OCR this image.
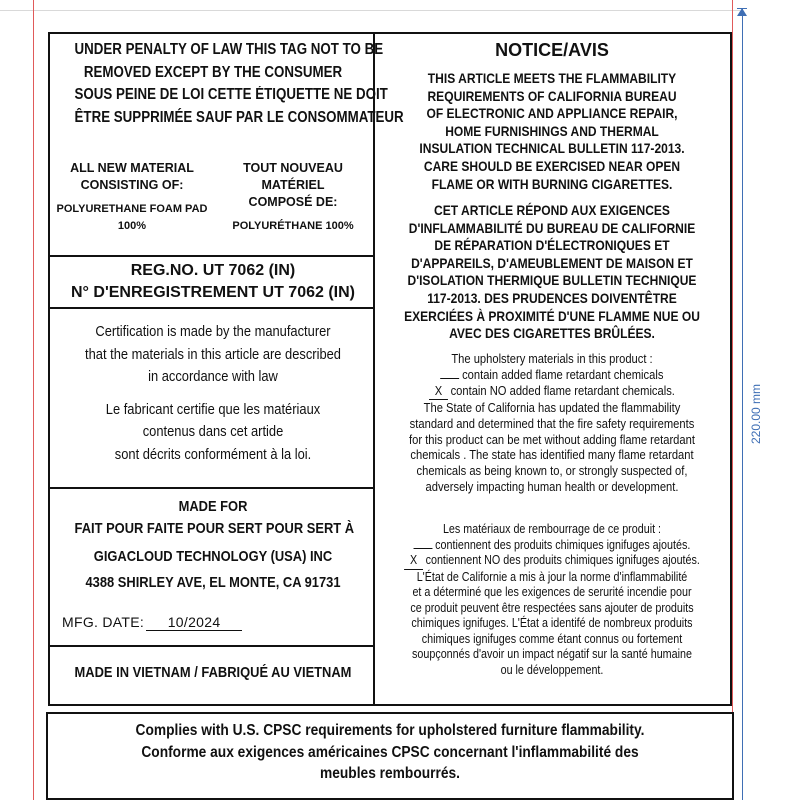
220.00 mm
UNDER PENALTY OF LAW THIS TAG NOT TO BE
REMOVED EXCEPT BY THE CONSUMER
SOUS PEINE DE LOI CETTE ÉTIQUETTE NE DOIT
ÊTRE SUPPRIMÉE SAUF PAR LE CONSOMMATEUR
ALL NEW MATERIAL
CONSISTING OF:
POLYURETHANE FOAM PAD 100%
TOUT NOUVEAU MATÉRIEL
COMPOSÉ DE:
POLYURÉTHANE 100%
REG.NO. UT 7062 (IN)
N° D'ENREGISTREMENT UT 7062 (IN)
Certification is made by the manufacturer
that the materials in this article are described
in accordance with law
Le fabricant certifie que les matériaux
contenus dans cet artide
sont décrits conformément à la loi.
MADE FOR
FAIT POUR FAITE POUR SERT POUR SERT À
GIGACLOUD TECHNOLOGY (USA) INC
4388 SHIRLEY AVE, EL MONTE, CA 91731
MFG. DATE: 10/2024
MADE IN VIETNAM / FABRIQUÉ AU VIETNAM
NOTICE/AVIS
THIS ARTICLE MEETS THE FLAMMABILITY
REQUIREMENTS OF CALIFORNIA BUREAU
OF ELECTRONIC AND APPLIANCE REPAIR,
HOME FURNISHINGS AND THERMAL
INSULATION TECHNICAL BULLETIN 117-2013.
CARE SHOULD BE EXERCISED NEAR OPEN
FLAME OR WITH BURNING CIGARETTES.
CET ARTICLE RÉPOND AUX EXIGENCES
D'INFLAMMABILITÉ DU BUREAU DE CALIFORNIE
DE RÉPARATION D'ÉLECTRONIQUES ET
D'APPAREILS, D'AMEUBLEMENT DE MAISON ET
D'ISOLATION THERMIQUE BULLETIN TECHNIQUE
117-2013. DES PRUDENCES DOIVENTÊTRE
EXERCIÉES À PROXIMITÉ D'UNE FLAMME NUE OU
AVEC DES CIGARETTES BRÛLÉES.
The upholstery materials in this product :
contain added flame retardant chemicals
X contain NO added flame retardant chemicals.
The State of California has updated the flammability
standard and determined that the fire safety requirements
for this product can be met without adding flame retardant
chemicals . The state has identified many flame retardant
chemicals as being known to, or strongly suspected of,
adversely impacting human health or development.
Les matériaux de rembourrage de ce produit :
contiennent des produits chimiques ignifuges ajoutés.
X contiennent NO des produits chimiques ignifuges ajoutés.
L'État de Californie a mis à jour la norme d'inflammabilité
et a déterminé que les exigences de serurité incendie pour
ce produit peuvent être respectées sans ajouter de produits
chimiques ignifuges. L'État a identifé de nombreux produits
chimiques ignifuges comme étant connus ou fortement
soupçonnés d'avoir un impact négatif sur la santé humaine
ou le développement.
Complies with U.S. CPSC requirements for upholstered furniture flammability.
Conforme aux exigences américaines CPSC concernant l'inflammabilité des
meubles rembourrés.
